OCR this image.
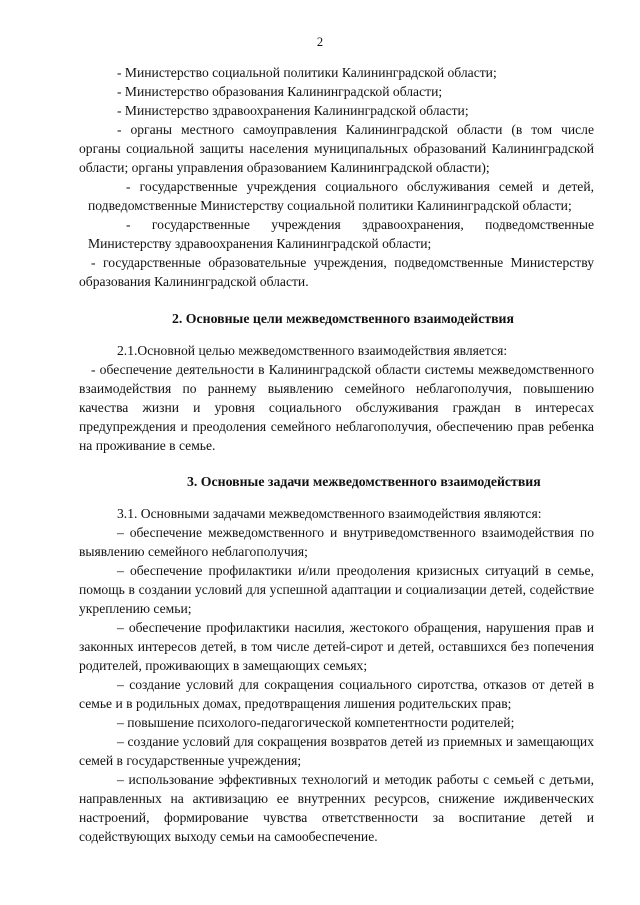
2

- Министерство социальной политики Калининградской области;

- Министерство образования Калининградской области;

- Министерство здравоохранения Калининградской области;

- органы местного самоуправления Калининградской области (в том числе органы социальной защиты населения муниципальных образований Калининградской области; органы управления образованием Калининградской области);

- государственные учреждения социального обслуживания семей и детей, подведомственные Министерству социальной политики Калининградской области;

- государственные учреждения здравоохранения, подведомственные Министерству здравоохранения Калининградской области;

- государственные образовательные учреждения, подведомственные Министерству образования Калининградской области.

2. Основные цели межведомственного взаимодействия

2.1.Основной целью межведомственного взаимодействия является:

- обеспечение деятельности в Калининградской области системы межведомственного взаимодействия по раннему выявлению семейного неблагополучия, повышению качества жизни и уровня социального обслуживания граждан в интересах предупреждения и преодоления семейного неблагополучия, обеспечению прав ребенка на проживание в семье.

3. Основные задачи межведомственного взаимодействия

3.1. Основными задачами межведомственного взаимодействия являются:

– обеспечение межведомственного и внутриведомственного взаимодействия по выявлению семейного неблагополучия;

– обеспечение профилактики и/или преодоления кризисных ситуаций в семье, помощь в создании условий для успешной адаптации и социализации детей, содействие укреплению семьи;

– обеспечение профилактики насилия, жестокого обращения, нарушения прав и законных интересов детей, в том числе детей-сирот и детей, оставшихся без попечения родителей, проживающих в замещающих семьях;

– создание условий для сокращения социального сиротства, отказов от детей в семье и в родильных домах, предотвращения лишения родительских прав;

– повышение психолого-педагогической компетентности родителей;

– создание условий для сокращения возвратов детей из приемных и замещающих семей в государственные учреждения;

– использование эффективных технологий и методик работы с семьей с детьми, направленных на активизацию ее внутренних ресурсов, снижение иждивенческих настроений, формирование чувства ответственности за воспитание детей и содействующих выходу семьи на самообеспечение.
